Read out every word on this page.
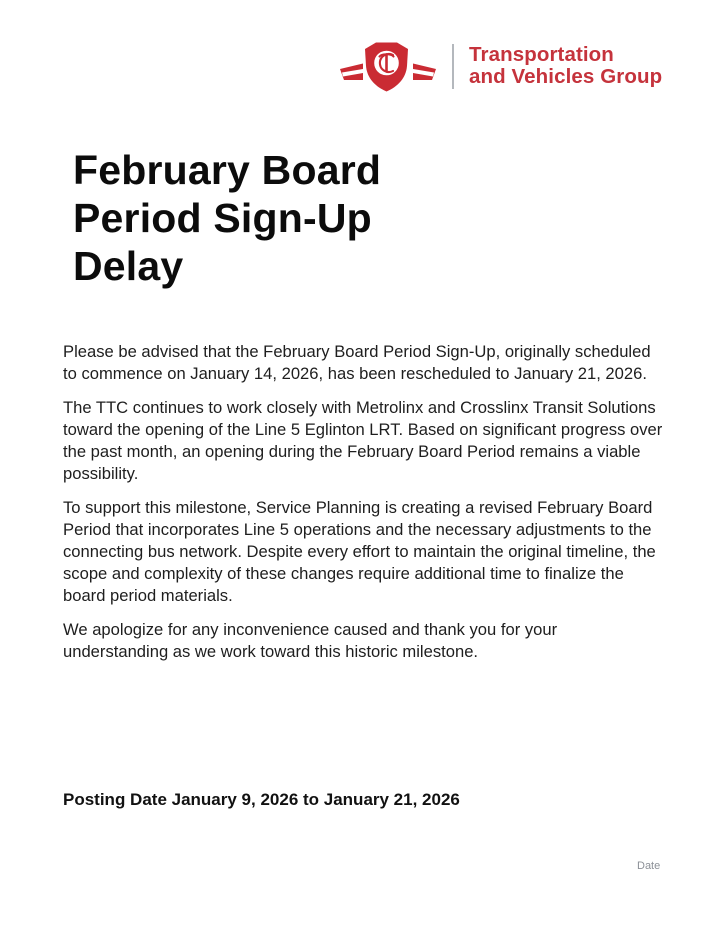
Transportation
and Vehicles Group
February Board
Period Sign-Up
Delay

Please be advised that the February Board Period Sign-Up, originally scheduled to commence on January 14, 2026, has been rescheduled to January 21, 2026.

The TTC continues to work closely with Metrolinx and Crosslinx Transit Solutions toward the opening of the Line 5 Eglinton LRT. Based on significant progress over the past month, an opening during the February Board Period remains a viable possibility.

To support this milestone, Service Planning is creating a revised February Board Period that incorporates Line 5 operations and the necessary adjustments to the connecting bus network. Despite every effort to maintain the original timeline, the scope and complexity of these changes require additional time to finalize the board period materials.

We apologize for any inconvenience caused and thank you for your understanding as we work toward this historic milestone.

Posting Date January 9, 2026 to January 21, 2026
Date
